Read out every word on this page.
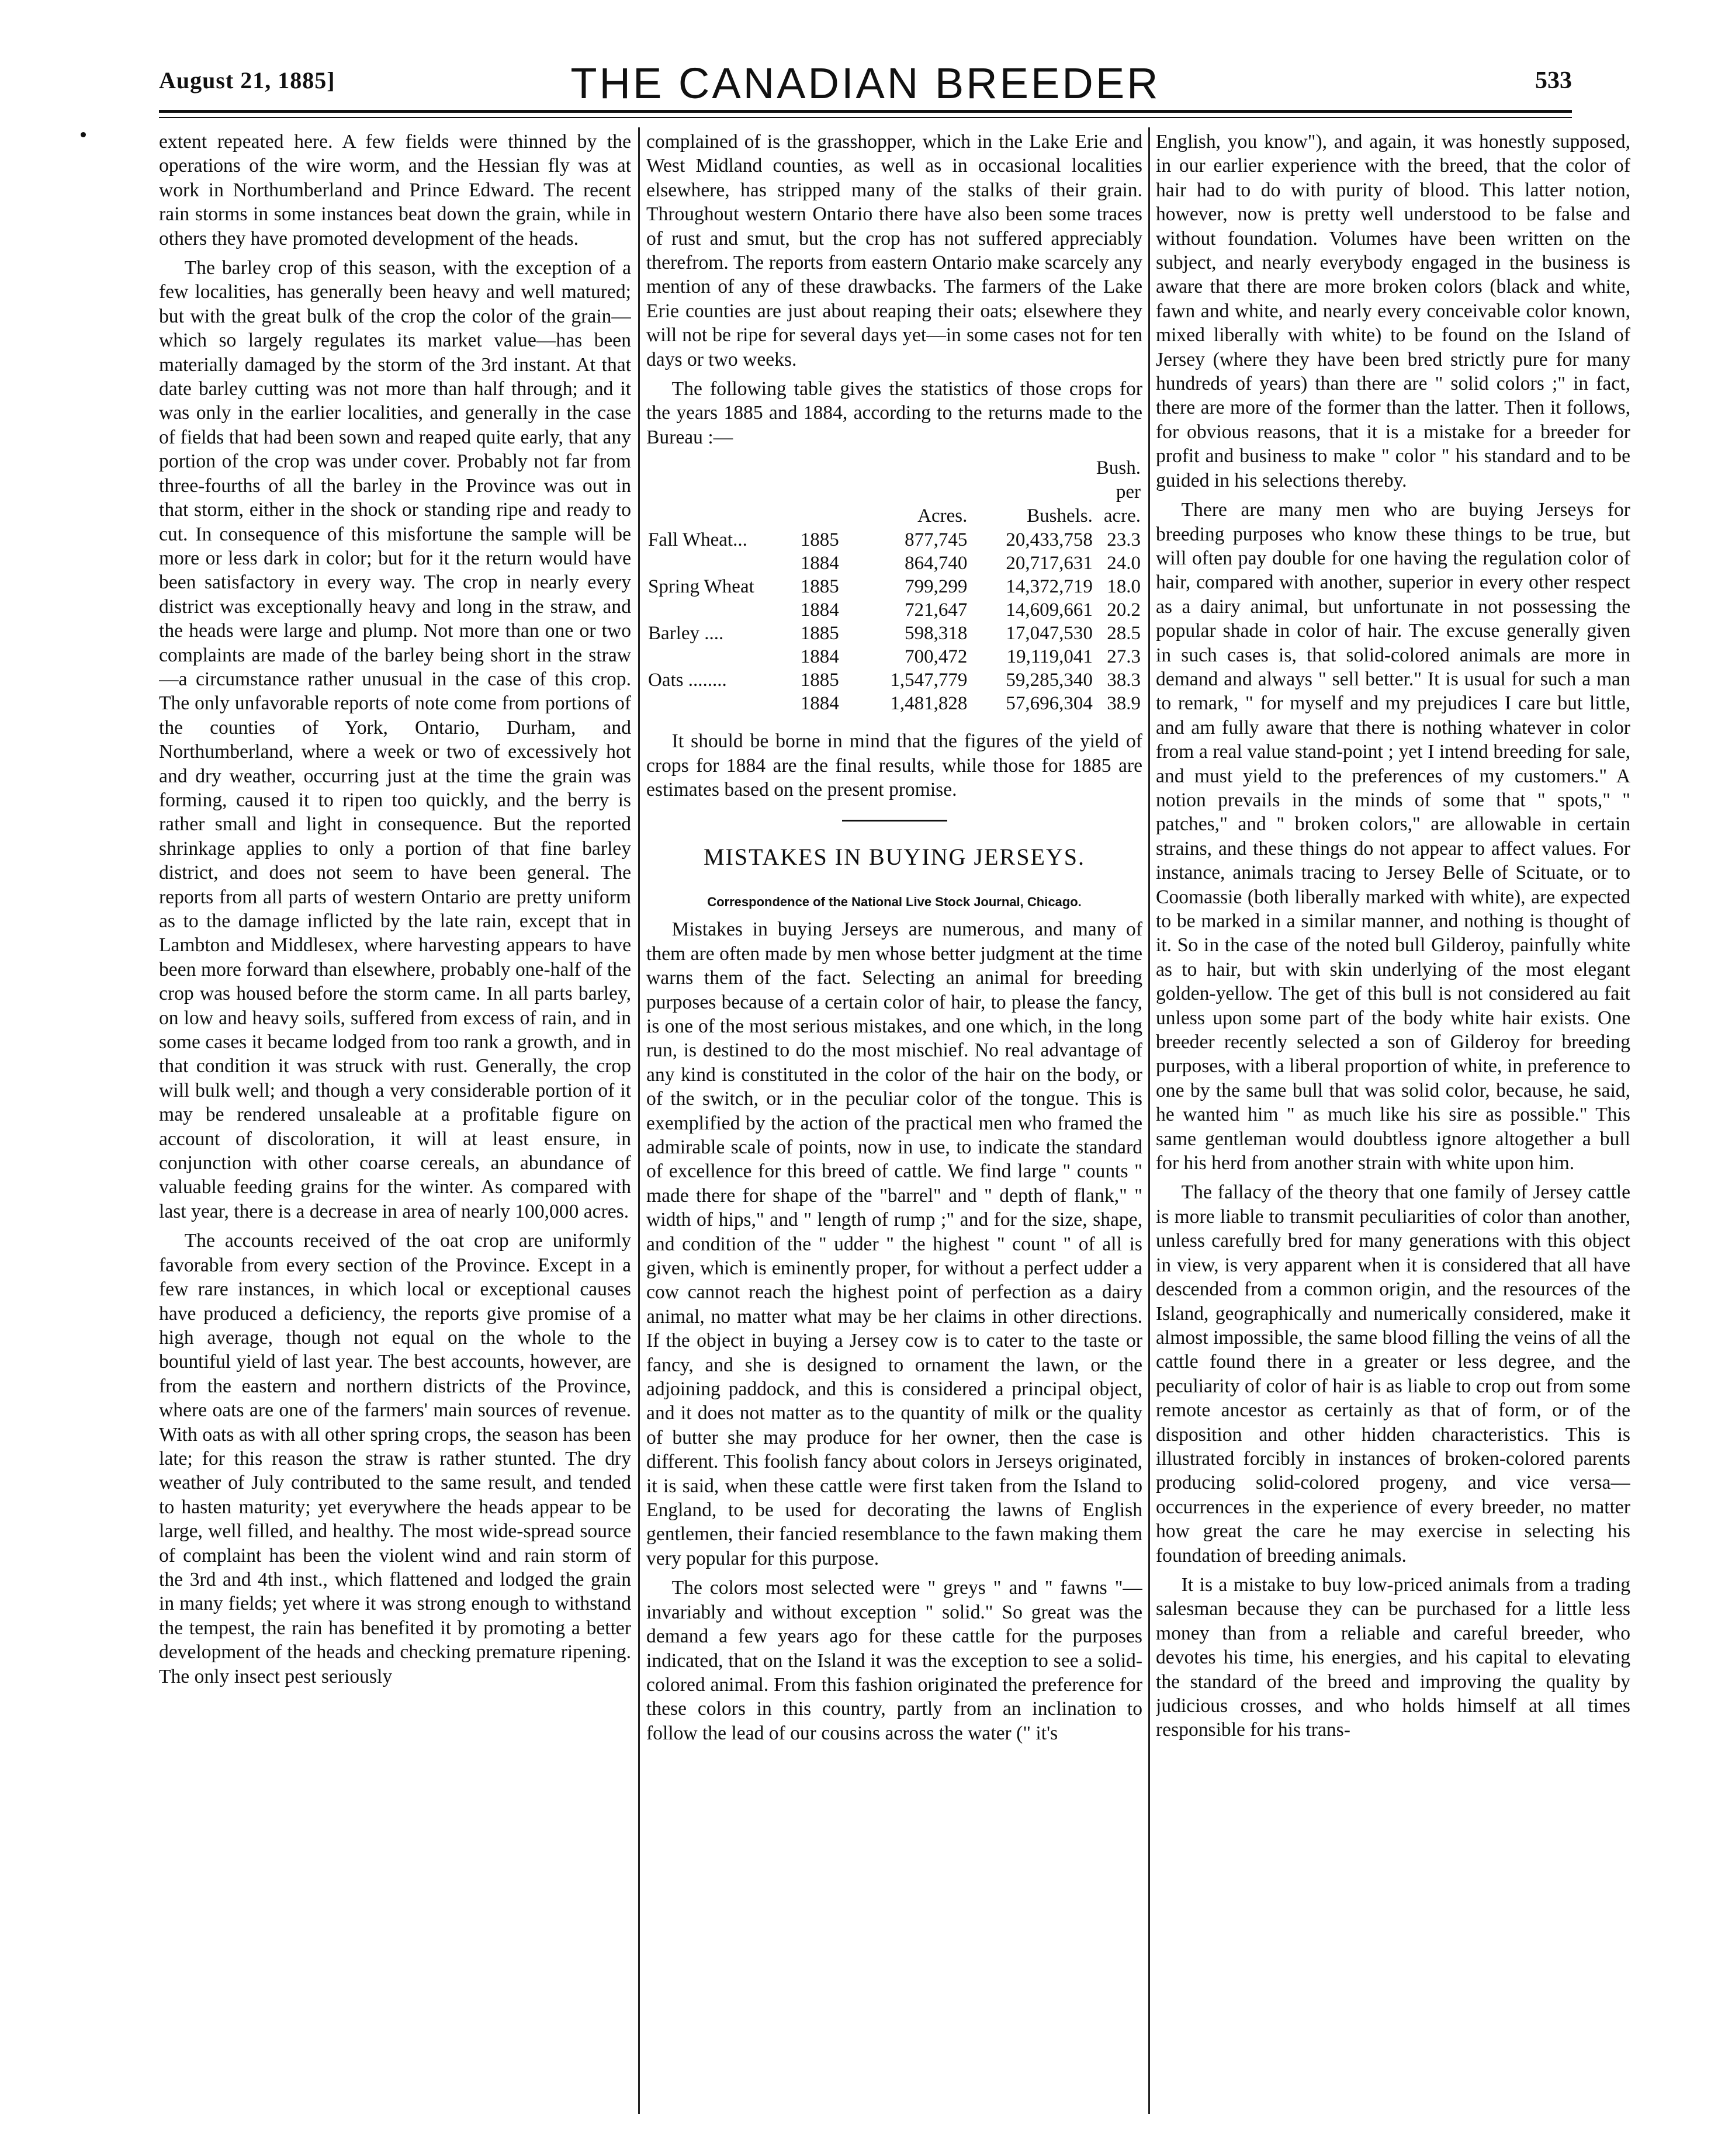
August 21, 1885]	THE CANADIAN BREEDER	533

extent repeated here. A few fields were thinned by the operations of the wire worm, and the Hessian fly was at work in Northumberland and Prince Edward. The recent rain storms in some instances beat down the grain, while in others they have promoted development of the heads.

The barley crop of this season, with the exception of a few localities, has generally been heavy and well matured; but with the great bulk of the crop the color of the grain—which so largely regulates its market value—has been materially damaged by the storm of the 3rd instant. At that date barley cutting was not more than half through; and it was only in the earlier localities, and generally in the case of fields that had been sown and reaped quite early, that any portion of the crop was under cover. Probably not far from three-fourths of all the barley in the Province was out in that storm, either in the shock or standing ripe and ready to cut. In consequence of this misfortune the sample will be more or less dark in color; but for it the return would have been satisfactory in every way. The crop in nearly every district was exceptionally heavy and long in the straw, and the heads were large and plump. Not more than one or two complaints are made of the barley being short in the straw—a circumstance rather unusual in the case of this crop. The only unfavorable reports of note come from portions of the counties of York, Ontario, Durham, and Northumberland, where a week or two of excessively hot and dry weather, occurring just at the time the grain was forming, caused it to ripen too quickly, and the berry is rather small and light in consequence. But the reported shrinkage applies to only a portion of that fine barley district, and does not seem to have been general. The reports from all parts of western Ontario are pretty uniform as to the damage inflicted by the late rain, except that in Lambton and Middlesex, where harvesting appears to have been more forward than elsewhere, probably one-half of the crop was housed before the storm came. In all parts barley, on low and heavy soils, suffered from excess of rain, and in some cases it became lodged from too rank a growth, and in that condition it was struck with rust. Generally, the crop will bulk well; and though a very considerable portion of it may be rendered unsaleable at a profitable figure on account of discoloration, it will at least ensure, in conjunction with other coarse cereals, an abundance of valuable feeding grains for the winter. As compared with last year, there is a decrease in area of nearly 100,000 acres.

The accounts received of the oat crop are uniformly favorable from every section of the Province. Except in a few rare instances, in which local or exceptional causes have produced a deficiency, the reports give promise of a high average, though not equal on the whole to the bountiful yield of last year. The best accounts, however, are from the eastern and northern districts of the Province, where oats are one of the farmers' main sources of revenue. With oats as with all other spring crops, the season has been late; for this reason the straw is rather stunted. The dry weather of July contributed to the same result, and tended to hasten maturity; yet everywhere the heads appear to be large, well filled, and healthy. The most wide-spread source of complaint has been the violent wind and rain storm of the 3rd and 4th inst., which flattened and lodged the grain in many fields; yet where it was strong enough to withstand the tempest, the rain has benefited it by promoting a better development of the heads and checking premature ripening. The only insect pest seriously

complained of is the grasshopper, which in the Lake Erie and West Midland counties, as well as in occasional localities elsewhere, has stripped many of the stalks of their grain. Throughout western Ontario there have also been some traces of rust and smut, but the crop has not suffered appreciably therefrom. The reports from eastern Ontario make scarcely any mention of any of these drawbacks. The farmers of the Lake Erie counties are just about reaping their oats; elsewhere they will not be ripe for several days yet—in some cases not for ten days or two weeks.

The following table gives the statistics of those crops for the years 1885 and 1884, according to the returns made to the Bureau :—

		Acres.	Bushels.	Bush. per acre.
Fall Wheat...	1885	877,745	20,433,758	23.3
	1884	864,740	20,717,631	24.0
Spring Wheat	1885	799,299	14,372,719	18.0
	1884	721,647	14,609,661	20.2
Barley ....	1885	598,318	17,047,530	28.5
	1884	700,472	19,119,041	27.3
Oats ........	1885	1,547,779	59,285,340	38.3
	1884	1,481,828	57,696,304	38.9

It should be borne in mind that the figures of the yield of crops for 1884 are the final results, while those for 1885 are estimates based on the present promise.

MISTAKES IN BUYING JERSEYS.
Correspondence of the National Live Stock Journal, Chicago.

Mistakes in buying Jerseys are numerous, and many of them are often made by men whose better judgment at the time warns them of the fact. Selecting an animal for breeding purposes because of a certain color of hair, to please the fancy, is one of the most serious mistakes, and one which, in the long run, is destined to do the most mischief. No real advantage of any kind is constituted in the color of the hair on the body, or of the switch, or in the peculiar color of the tongue. This is exemplified by the action of the practical men who framed the admirable scale of points, now in use, to indicate the standard of excellence for this breed of cattle. We find large " counts " made there for shape of the "barrel" and " depth of flank," " width of hips," and " length of rump ;" and for the size, shape, and condition of the " udder " the highest " count " of all is given, which is eminently proper, for without a perfect udder a cow cannot reach the highest point of perfection as a dairy animal, no matter what may be her claims in other directions. If the object in buying a Jersey cow is to cater to the taste or fancy, and she is designed to ornament the lawn, or the adjoining paddock, and this is considered a principal object, and it does not matter as to the quantity of milk or the quality of butter she may produce for her owner, then the case is different. This foolish fancy about colors in Jerseys originated, it is said, when these cattle were first taken from the Island to England, to be used for decorating the lawns of English gentlemen, their fancied resemblance to the fawn making them very popular for this purpose.

The colors most selected were " greys " and " fawns "—invariably and without exception " solid." So great was the demand a few years ago for these cattle for the purposes indicated, that on the Island it was the exception to see a solid-colored animal. From this fashion originated the preference for these colors in this country, partly from an inclination to follow the lead of our cousins across the water (" it's

English, you know"), and again, it was honestly supposed, in our earlier experience with the breed, that the color of hair had to do with purity of blood. This latter notion, however, now is pretty well understood to be false and without foundation. Volumes have been written on the subject, and nearly everybody engaged in the business is aware that there are more broken colors (black and white, fawn and white, and nearly every conceivable color known, mixed liberally with white) to be found on the Island of Jersey (where they have been bred strictly pure for many hundreds of years) than there are " solid colors ;" in fact, there are more of the former than the latter. Then it follows, for obvious reasons, that it is a mistake for a breeder for profit and business to make " color " his standard and to be guided in his selections thereby.

There are many men who are buying Jerseys for breeding purposes who know these things to be true, but will often pay double for one having the regulation color of hair, compared with another, superior in every other respect as a dairy animal, but unfortunate in not possessing the popular shade in color of hair. The excuse generally given in such cases is, that solid-colored animals are more in demand and always " sell better." It is usual for such a man to remark, " for myself and my prejudices I care but little, and am fully aware that there is nothing whatever in color from a real value stand-point ; yet I intend breeding for sale, and must yield to the preferences of my customers." A notion prevails in the minds of some that " spots," " patches," and " broken colors," are allowable in certain strains, and these things do not appear to affect values. For instance, animals tracing to Jersey Belle of Scituate, or to Coomassie (both liberally marked with white), are expected to be marked in a similar manner, and nothing is thought of it. So in the case of the noted bull Gilderoy, painfully white as to hair, but with skin underlying of the most elegant golden-yellow. The get of this bull is not considered au fait unless upon some part of the body white hair exists. One breeder recently selected a son of Gilderoy for breeding purposes, with a liberal proportion of white, in preference to one by the same bull that was solid color, because, he said, he wanted him " as much like his sire as possible." This same gentleman would doubtless ignore altogether a bull for his herd from another strain with white upon him.

The fallacy of the theory that one family of Jersey cattle is more liable to transmit peculiarities of color than another, unless carefully bred for many generations with this object in view, is very apparent when it is considered that all have descended from a common origin, and the resources of the Island, geographically and numerically considered, make it almost impossible, the same blood filling the veins of all the cattle found there in a greater or less degree, and the peculiarity of color of hair is as liable to crop out from some remote ancestor as certainly as that of form, or of the disposition and other hidden characteristics. This is illustrated forcibly in instances of broken-colored parents producing solid-colored progeny, and vice versa—occurrences in the experience of every breeder, no matter how great the care he may exercise in selecting his foundation of breeding animals.

It is a mistake to buy low-priced animals from a trading salesman because they can be purchased for a little less money than from a reliable and careful breeder, who devotes his time, his energies, and his capital to elevating the standard of the breed and improving the quality by judicious crosses, and who holds himself at all times responsible for his trans-
